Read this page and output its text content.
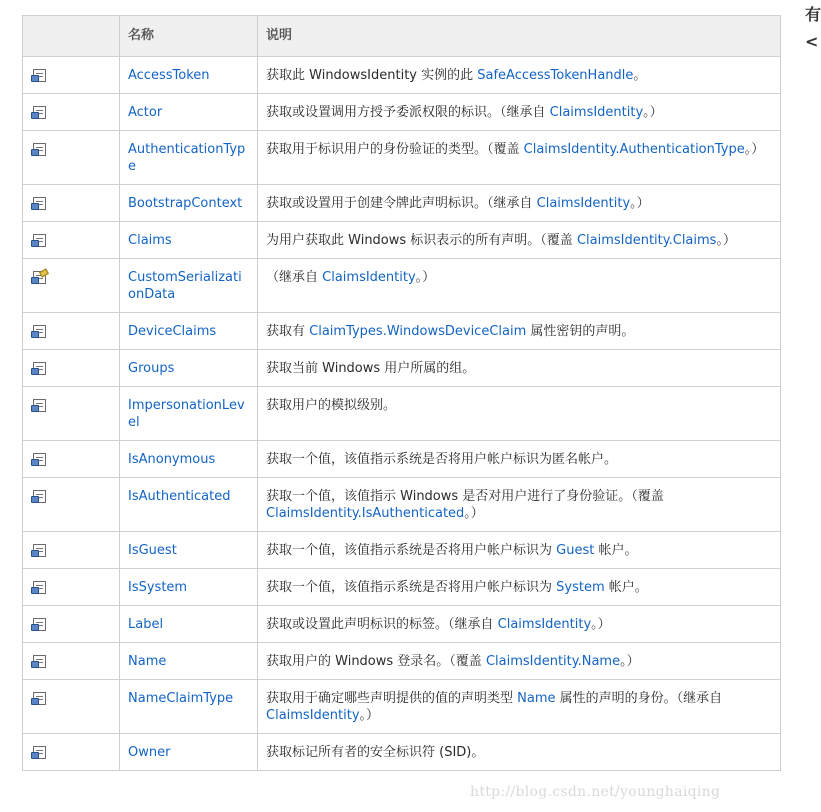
	名称	说明

	AccessToken	获取此 WindowsIdentity 实例的此 SafeAccessTokenHandle。

	Actor	获取或设置调用方授予委派权限的标识。（继承自 ClaimsIdentity。）

	AuthenticationType	获取用于标识用户的身份验证的类型。（覆盖 ClaimsIdentity.AuthenticationType。）

	BootstrapContext	获取或设置用于创建令牌此声明标识。（继承自 ClaimsIdentity。）

	Claims	为用户获取此 Windows 标识表示的所有声明。（覆盖 ClaimsIdentity.Claims。）

	CustomSerializationData	（继承自 ClaimsIdentity。）

	DeviceClaims	获取有 ClaimTypes.WindowsDeviceClaim 属性密钥的声明。

	Groups	获取当前 Windows 用户所属的组。

	ImpersonationLevel	获取用户的模拟级别。

	IsAnonymous	获取一个值，该值指示系统是否将用户帐户标识为匿名帐户。

	IsAuthenticated	获取一个值，该值指示 Windows 是否对用户进行了身份验证。（覆盖 ClaimsIdentity.IsAuthenticated。）

	IsGuest	获取一个值，该值指示系统是否将用户帐户标识为 Guest 帐户。

	IsSystem	获取一个值，该值指示系统是否将用户帐户标识为 System 帐户。

	Label	获取或设置此声明标识的标签。（继承自 ClaimsIdentity。）

	Name	获取用户的 Windows 登录名。（覆盖 ClaimsIdentity.Name。）

	NameClaimType	获取用于确定哪些声明提供的值的声明类型 Name 属性的声明的身份。（继承自 ClaimsIdentity。）

	Owner	获取标记所有者的安全标识符 (SID)。
有
<
http://blog.csdn.net/younghaiqing
